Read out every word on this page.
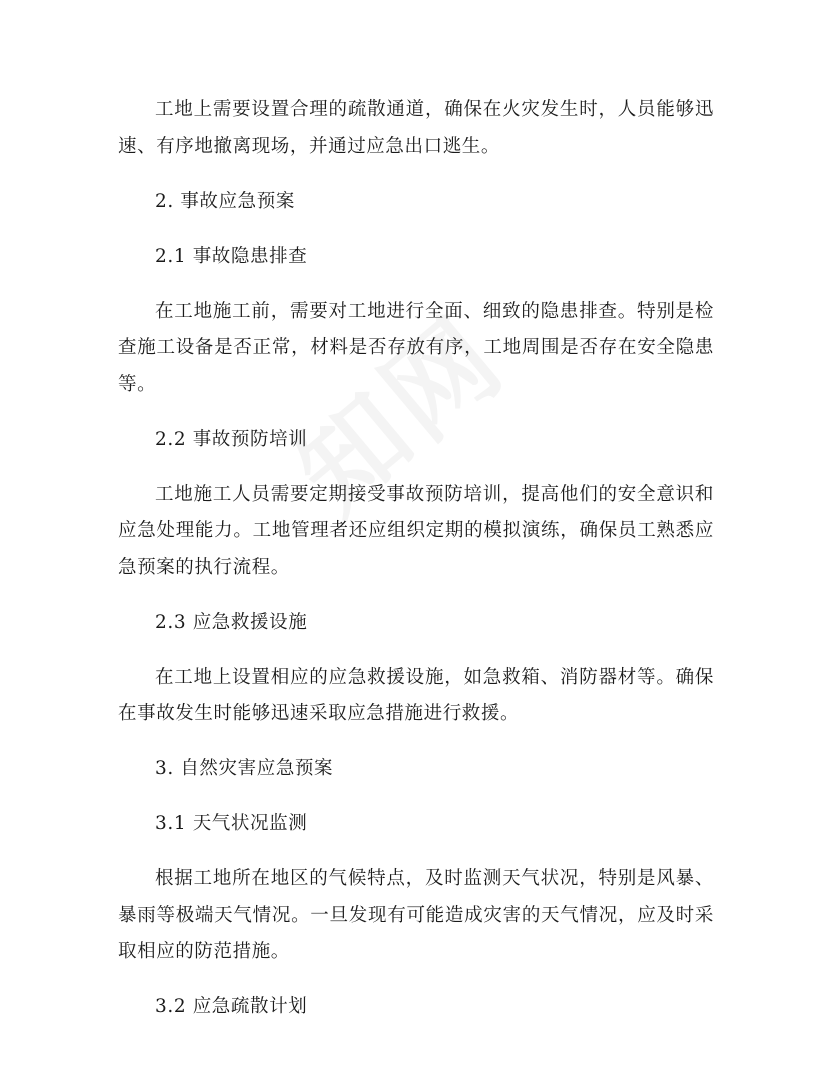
工地上需要设置合理的疏散通道，确保在火灾发生时，人员能够迅速、有序地撤离现场，并通过应急出口逃生。

2. 事故应急预案

2.1 事故隐患排查

在工地施工前，需要对工地进行全面、细致的隐患排查。特别是检查施工设备是否正常，材料是否存放有序，工地周围是否存在安全隐患等。

2.2 事故预防培训

工地施工人员需要定期接受事故预防培训，提高他们的安全意识和应急处理能力。工地管理者还应组织定期的模拟演练，确保员工熟悉应急预案的执行流程。

2.3 应急救援设施

在工地上设置相应的应急救援设施，如急救箱、消防器材等。确保在事故发生时能够迅速采取应急措施进行救援。

3. 自然灾害应急预案

3.1 天气状况监测

根据工地所在地区的气候特点，及时监测天气状况，特别是风暴、暴雨等极端天气情况。一旦发现有可能造成灾害的天气情况，应及时采取相应的防范措施。

3.2 应急疏散计划
